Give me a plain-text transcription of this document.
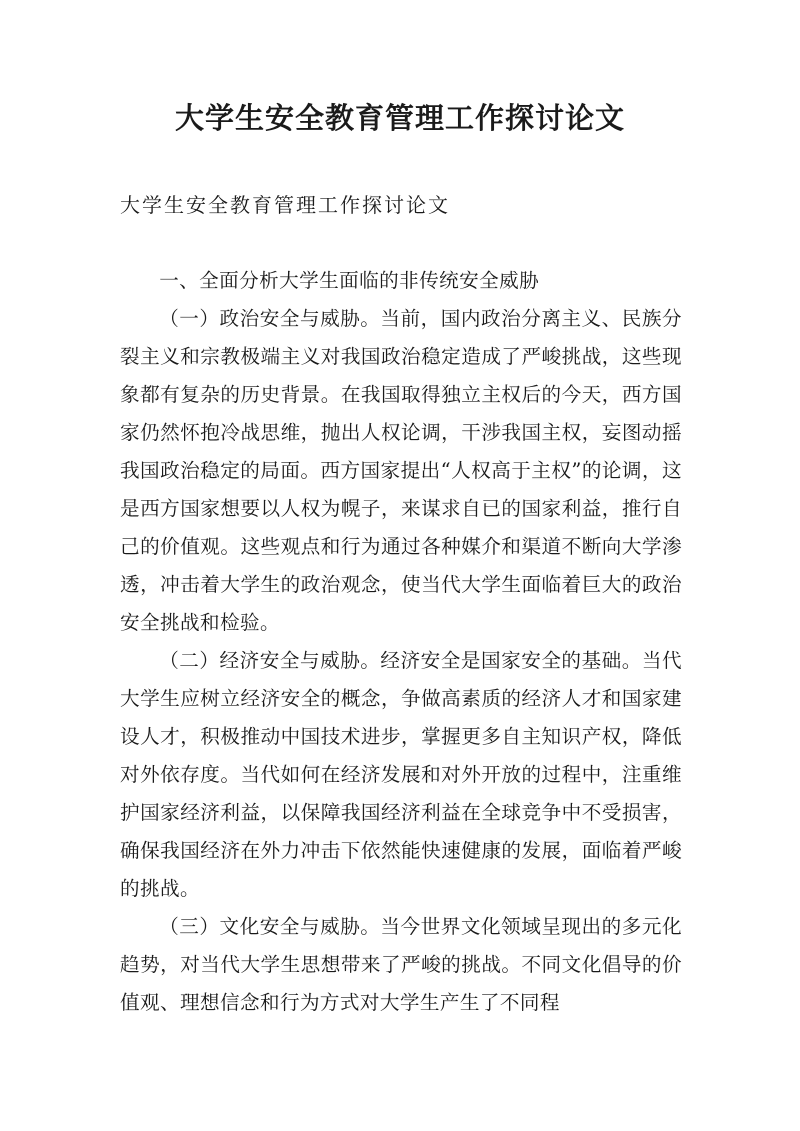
大学生安全教育管理工作探讨论文
大学生安全教育管理工作探讨论文

一、全面分析大学生面临的非传统安全威胁

（一）政治安全与威胁。当前，国内政治分离主义、民族分裂主义和宗教极端主义对我国政治稳定造成了严峻挑战，这些现象都有复杂的历史背景。在我国取得独立主权后的今天，西方国家仍然怀抱冷战思维，抛出人权论调，干涉我国主权，妄图动摇我国政治稳定的局面。西方国家提出“人权高于主权”的论调，这是西方国家想要以人权为幌子，来谋求自已的国家利益，推行自己的价值观。这些观点和行为通过各种媒介和渠道不断向大学渗透，冲击着大学生的政治观念，使当代大学生面临着巨大的政治安全挑战和检验。

（二）经济安全与威胁。经济安全是国家安全的基础。当代大学生应树立经济安全的概念，争做高素质的经济人才和国家建设人才，积极推动中国技术进步，掌握更多自主知识产权，降低对外依存度。当代如何在经济发展和对外开放的过程中，注重维护国家经济利益，以保障我国经济利益在全球竞争中不受损害，确保我国经济在外力冲击下依然能快速健康的发展，面临着严峻的挑战。

（三）文化安全与威胁。当今世界文化领域呈现出的多元化趋势，对当代大学生思想带来了严峻的挑战。不同文化倡导的价值观、理想信念和行为方式对大学生产生了不同程
